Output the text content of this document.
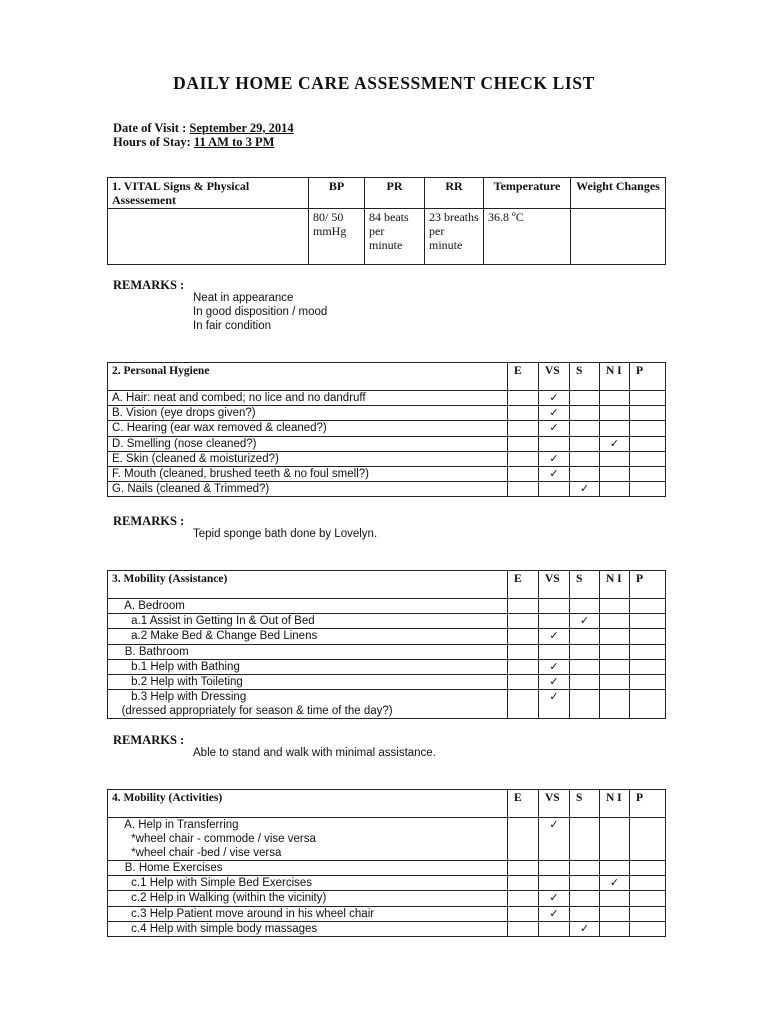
DAILY HOME CARE ASSESSMENT CHECK LIST
Date of Visit : September 29, 2014
Hours of Stay: 11 AM to 3 PM
1. VITAL Signs & Physical Assessement	BP	PR	RR	Temperature	Weight Changes
	80/ 50 mmHg	84 beats per minute	23 breaths per minute	36.8 ºC	
REMARKS :
Neat in appearance
In good disposition / mood
In fair condition
2. Personal Hygiene	E	VS	S	N I	P
A. Hair: neat and combed; no lice and no dandruff		✓			
B. Vision (eye drops given?)		✓			
C. Hearing (ear wax removed & cleaned?)		✓			
D. Smelling (nose cleaned?)				✓	
E. Skin (cleaned & moisturized?)		✓			
F. Mouth (cleaned, brushed teeth & no foul smell?)		✓			
G. Nails (cleaned & Trimmed?)			✓		
REMARKS :
Tepid sponge bath done by Lovelyn.
3. Mobility (Assistance)	E	VS	S	N I	P
A. Bedroom					
a.1 Assist in Getting In & Out of Bed			✓		
a.2 Make Bed & Change Bed Linens		✓			
B. Bathroom					
b.1 Help with Bathing		✓			
b.2 Help with Toileting		✓			
b.3 Help with Dressing
(dressed appropriately for season & time of the day?)		✓			
REMARKS :
Able to stand and walk with minimal assistance.
4. Mobility (Activities)	E	VS	S	N I	P
A. Help in Transferring
*wheel chair - commode / vise versa
*wheel chair -bed / vise versa		✓			
B. Home Exercises					
c.1 Help with Simple Bed Exercises				✓	
c.2 Help in Walking (within the vicinity)		✓			
c.3 Help Patient move around in his wheel chair		✓			
c.4 Help with simple body massages			✓		
